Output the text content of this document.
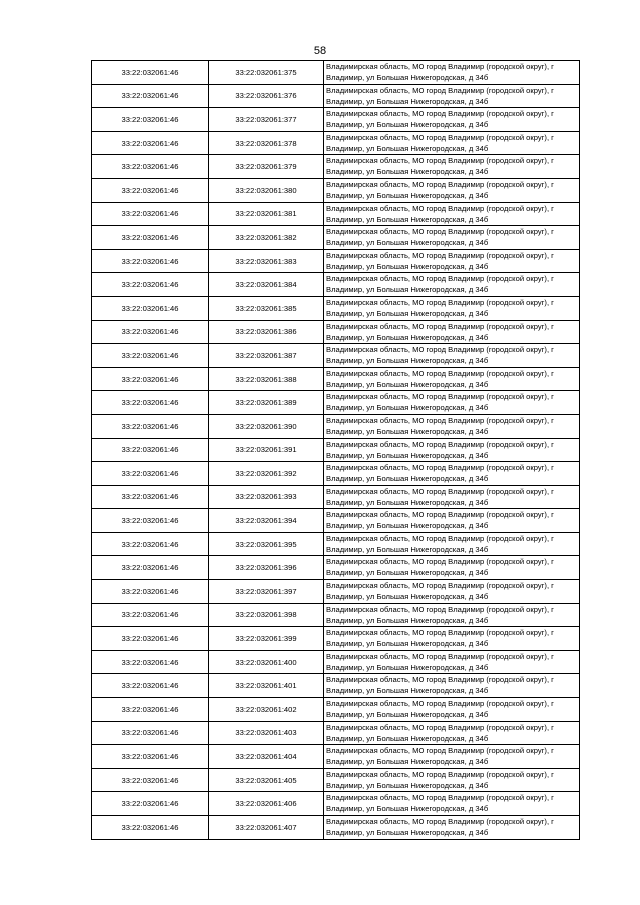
58
33:22:032061:46	33:22:032061:375	Владимирская область, МО город Владимир (городской округ), г
Владимир, ул Большая Нижегородская, д 34б

33:22:032061:46	33:22:032061:376	Владимирская область, МО город Владимир (городской округ), г
Владимир, ул Большая Нижегородская, д 34б

33:22:032061:46	33:22:032061:377	Владимирская область, МО город Владимир (городской округ), г
Владимир, ул Большая Нижегородская, д 34б

33:22:032061:46	33:22:032061:378	Владимирская область, МО город Владимир (городской округ), г
Владимир, ул Большая Нижегородская, д 34б

33:22:032061:46	33:22:032061:379	Владимирская область, МО город Владимир (городской округ), г
Владимир, ул Большая Нижегородская, д 34б

33:22:032061:46	33:22:032061:380	Владимирская область, МО город Владимир (городской округ), г
Владимир, ул Большая Нижегородская, д 34б

33:22:032061:46	33:22:032061:381	Владимирская область, МО город Владимир (городской округ), г
Владимир, ул Большая Нижегородская, д 34б

33:22:032061:46	33:22:032061:382	Владимирская область, МО город Владимир (городской округ), г
Владимир, ул Большая Нижегородская, д 34б

33:22:032061:46	33:22:032061:383	Владимирская область, МО город Владимир (городской округ), г
Владимир, ул Большая Нижегородская, д 34б

33:22:032061:46	33:22:032061:384	Владимирская область, МО город Владимир (городской округ), г
Владимир, ул Большая Нижегородская, д 34б

33:22:032061:46	33:22:032061:385	Владимирская область, МО город Владимир (городской округ), г
Владимир, ул Большая Нижегородская, д 34б

33:22:032061:46	33:22:032061:386	Владимирская область, МО город Владимир (городской округ), г
Владимир, ул Большая Нижегородская, д 34б

33:22:032061:46	33:22:032061:387	Владимирская область, МО город Владимир (городской округ), г
Владимир, ул Большая Нижегородская, д 34б

33:22:032061:46	33:22:032061:388	Владимирская область, МО город Владимир (городской округ), г
Владимир, ул Большая Нижегородская, д 34б

33:22:032061:46	33:22:032061:389	Владимирская область, МО город Владимир (городской округ), г
Владимир, ул Большая Нижегородская, д 34б

33:22:032061:46	33:22:032061:390	Владимирская область, МО город Владимир (городской округ), г
Владимир, ул Большая Нижегородская, д 34б

33:22:032061:46	33:22:032061:391	Владимирская область, МО город Владимир (городской округ), г
Владимир, ул Большая Нижегородская, д 34б

33:22:032061:46	33:22:032061:392	Владимирская область, МО город Владимир (городской округ), г
Владимир, ул Большая Нижегородская, д 34б

33:22:032061:46	33:22:032061:393	Владимирская область, МО город Владимир (городской округ), г
Владимир, ул Большая Нижегородская, д 34б

33:22:032061:46	33:22:032061:394	Владимирская область, МО город Владимир (городской округ), г
Владимир, ул Большая Нижегородская, д 34б

33:22:032061:46	33:22:032061:395	Владимирская область, МО город Владимир (городской округ), г
Владимир, ул Большая Нижегородская, д 34б

33:22:032061:46	33:22:032061:396	Владимирская область, МО город Владимир (городской округ), г
Владимир, ул Большая Нижегородская, д 34б

33:22:032061:46	33:22:032061:397	Владимирская область, МО город Владимир (городской округ), г
Владимир, ул Большая Нижегородская, д 34б

33:22:032061:46	33:22:032061:398	Владимирская область, МО город Владимир (городской округ), г
Владимир, ул Большая Нижегородская, д 34б

33:22:032061:46	33:22:032061:399	Владимирская область, МО город Владимир (городской округ), г
Владимир, ул Большая Нижегородская, д 34б

33:22:032061:46	33:22:032061:400	Владимирская область, МО город Владимир (городской округ), г
Владимир, ул Большая Нижегородская, д 34б

33:22:032061:46	33:22:032061:401	Владимирская область, МО город Владимир (городской округ), г
Владимир, ул Большая Нижегородская, д 34б

33:22:032061:46	33:22:032061:402	Владимирская область, МО город Владимир (городской округ), г
Владимир, ул Большая Нижегородская, д 34б

33:22:032061:46	33:22:032061:403	Владимирская область, МО город Владимир (городской округ), г
Владимир, ул Большая Нижегородская, д 34б

33:22:032061:46	33:22:032061:404	Владимирская область, МО город Владимир (городской округ), г
Владимир, ул Большая Нижегородская, д 34б

33:22:032061:46	33:22:032061:405	Владимирская область, МО город Владимир (городской округ), г
Владимир, ул Большая Нижегородская, д 34б

33:22:032061:46	33:22:032061:406	Владимирская область, МО город Владимир (городской округ), г
Владимир, ул Большая Нижегородская, д 34б

33:22:032061:46	33:22:032061:407	Владимирская область, МО город Владимир (городской округ), г
Владимир, ул Большая Нижегородская, д 34б
